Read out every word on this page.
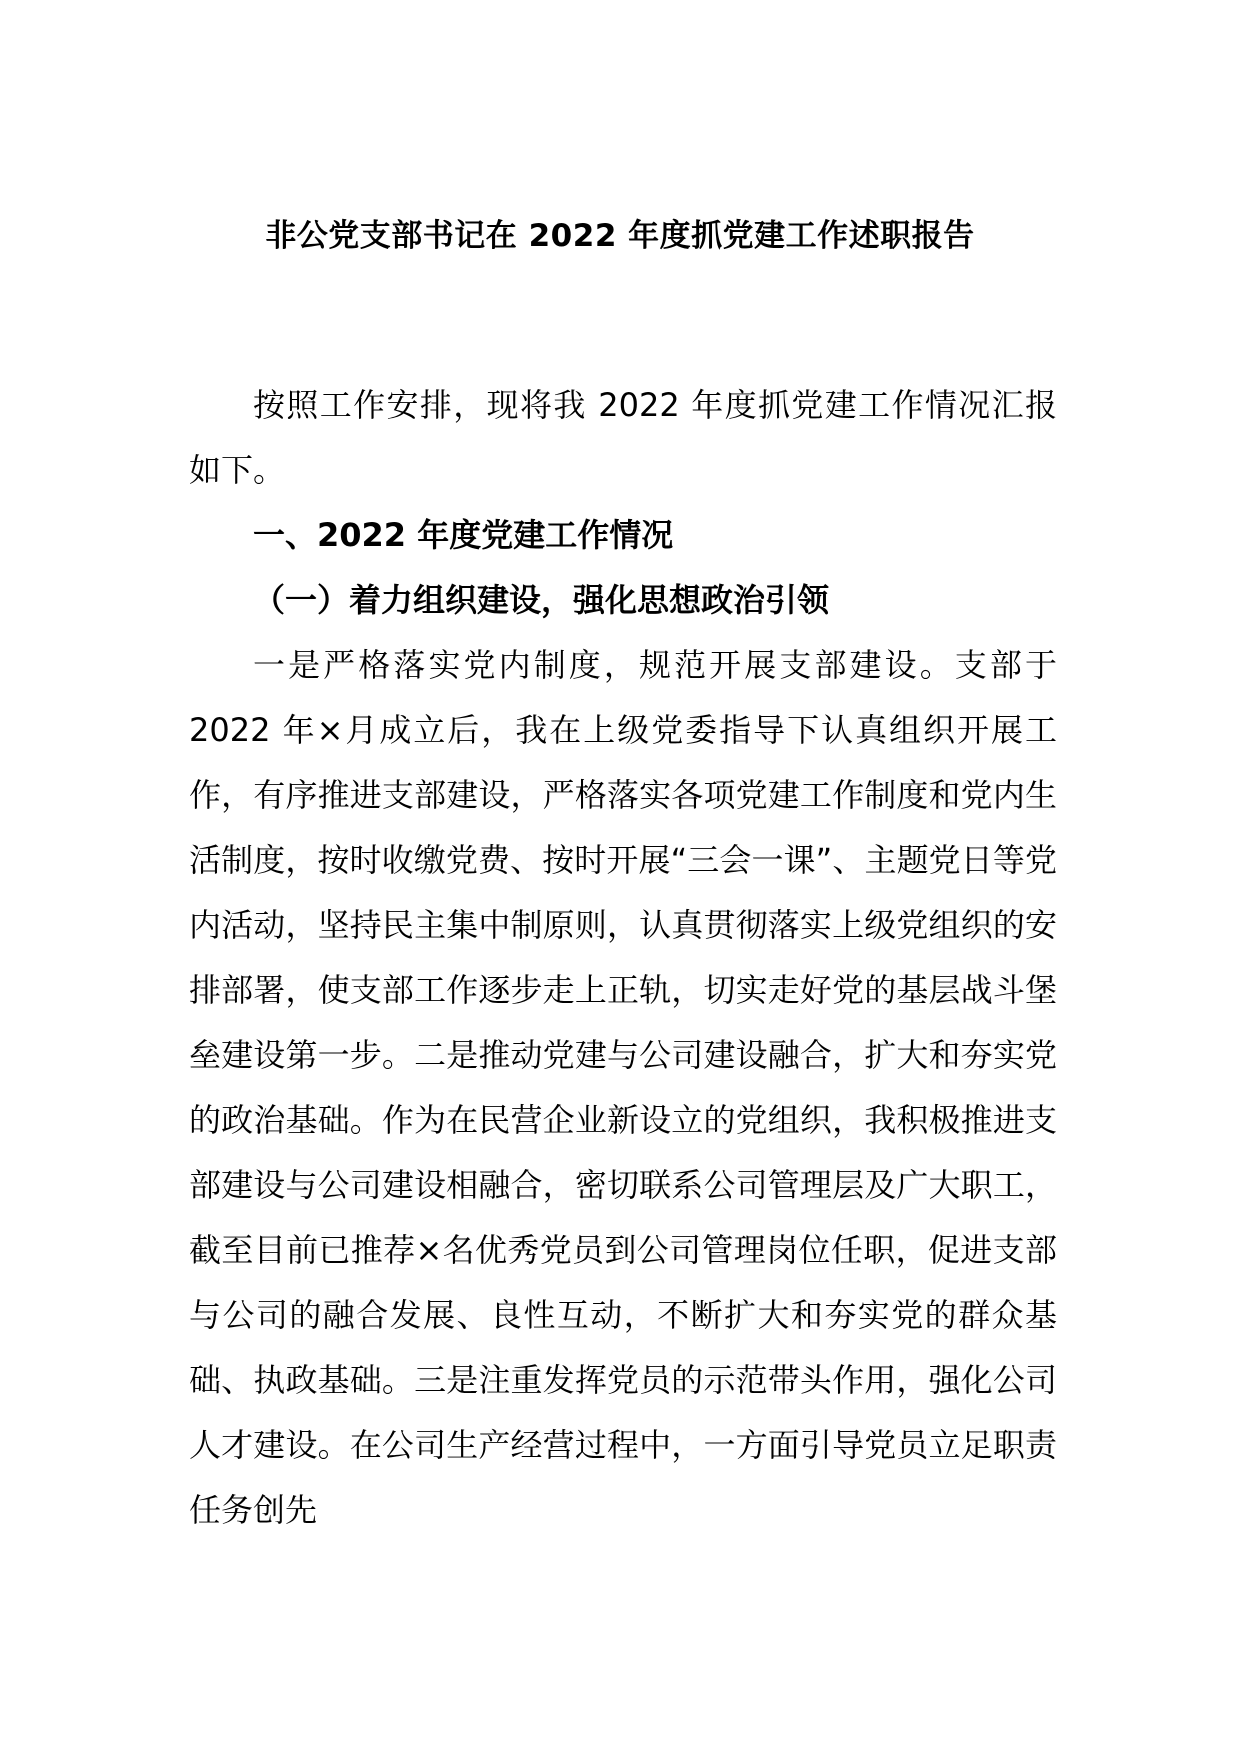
非公党支部书记在 2022 年度抓党建工作述职报告

按照工作安排，现将我 2022 年度抓党建工作情况汇报如下。

一、2022 年度党建工作情况

（一）着力组织建设，强化思想政治引领

一是严格落实党内制度，规范开展支部建设。支部于2022 年×月成立后，我在上级党委指导下认真组织开展工作，有序推进支部建设，严格落实各项党建工作制度和党内生活制度，按时收缴党费、按时开展“三会一课”、主题党日等党内活动，坚持民主集中制原则，认真贯彻落实上级党组织的安排部署，使支部工作逐步走上正轨，切实走好党的基层战斗堡垒建设第一步。二是推动党建与公司建设融合，扩大和夯实党的政治基础。作为在民营企业新设立的党组织，我积极推进支部建设与公司建设相融合，密切联系公司管理层及广大职工，截至目前已推荐×名优秀党员到公司管理岗位任职，促进支部与公司的融合发展、良性互动，不断扩大和夯实党的群众基础、执政基础。三是注重发挥党员的示范带头作用，强化公司人才建设。在公司生产经营过程中，一方面引导党员立足职责任务创先
